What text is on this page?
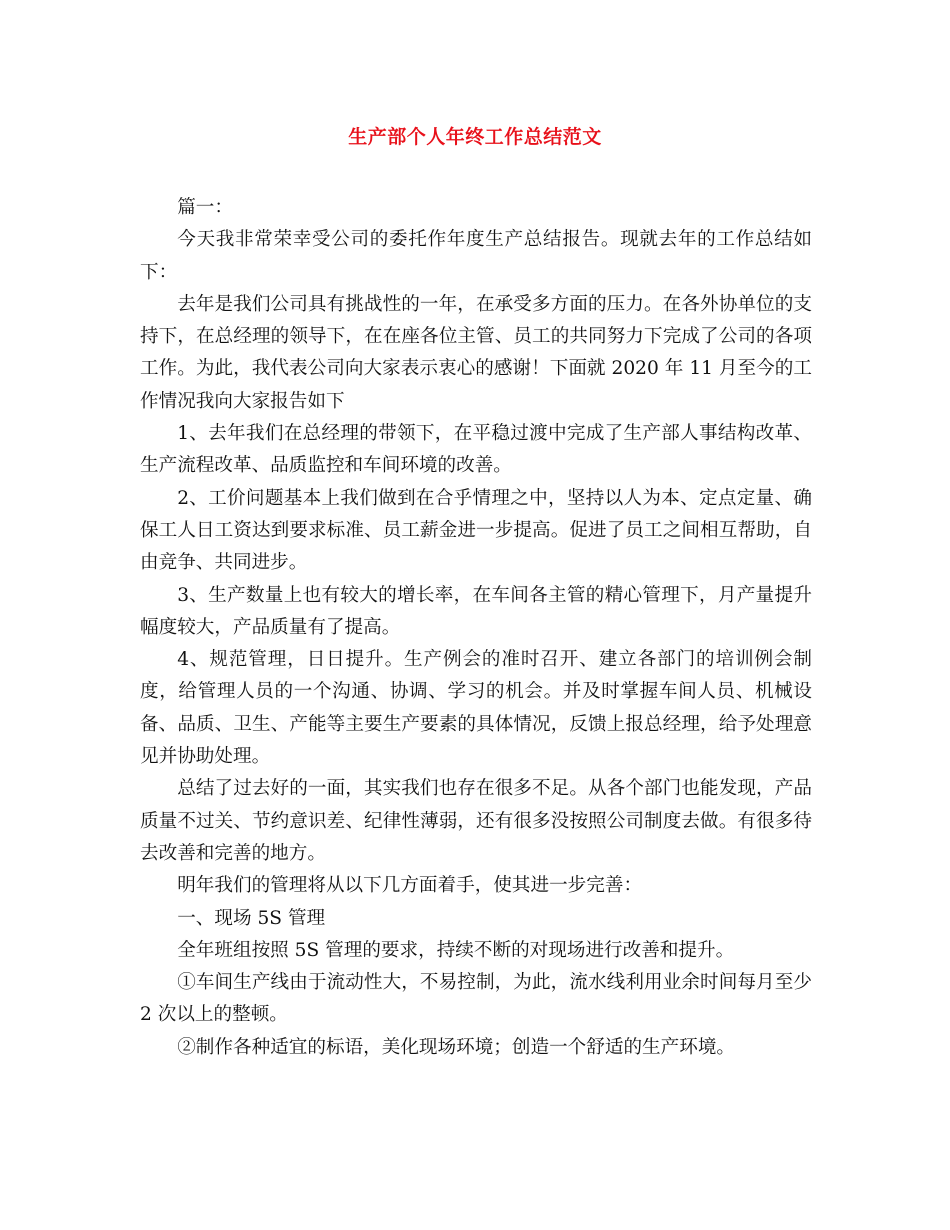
生产部个人年终工作总结范文

篇一：

今天我非常荣幸受公司的委托作年度生产总结报告。现就去年的工作总结如下：

去年是我们公司具有挑战性的一年，在承受多方面的压力。在各外协单位的支持下，在总经理的领导下，在在座各位主管、员工的共同努力下完成了公司的各项工作。为此，我代表公司向大家表示衷心的感谢！下面就 2020 年 11 月至今的工作情况我向大家报告如下

1、去年我们在总经理的带领下，在平稳过渡中完成了生产部人事结构改革、生产流程改革、品质监控和车间环境的改善。

2、工价问题基本上我们做到在合乎情理之中，坚持以人为本、定点定量、确保工人日工资达到要求标准、员工薪金进一步提高。促进了员工之间相互帮助，自由竞争、共同进步。

3、生产数量上也有较大的增长率，在车间各主管的精心管理下，月产量提升幅度较大，产品质量有了提高。

4、规范管理，日日提升。生产例会的准时召开、建立各部门的培训例会制度，给管理人员的一个沟通、协调、学习的机会。并及时掌握车间人员、机械设备、品质、卫生、产能等主要生产要素的具体情况，反馈上报总经理，给予处理意见并协助处理。

总结了过去好的一面，其实我们也存在很多不足。从各个部门也能发现，产品质量不过关、节约意识差、纪律性薄弱，还有很多没按照公司制度去做。有很多待去改善和完善的地方。

明年我们的管理将从以下几方面着手，使其进一步完善：

一、现场 5S 管理

全年班组按照 5S 管理的要求，持续不断的对现场进行改善和提升。

①车间生产线由于流动性大，不易控制，为此，流水线利用业余时间每月至少 2 次以上的整顿。

②制作各种适宜的标语，美化现场环境；创造一个舒适的生产环境。
